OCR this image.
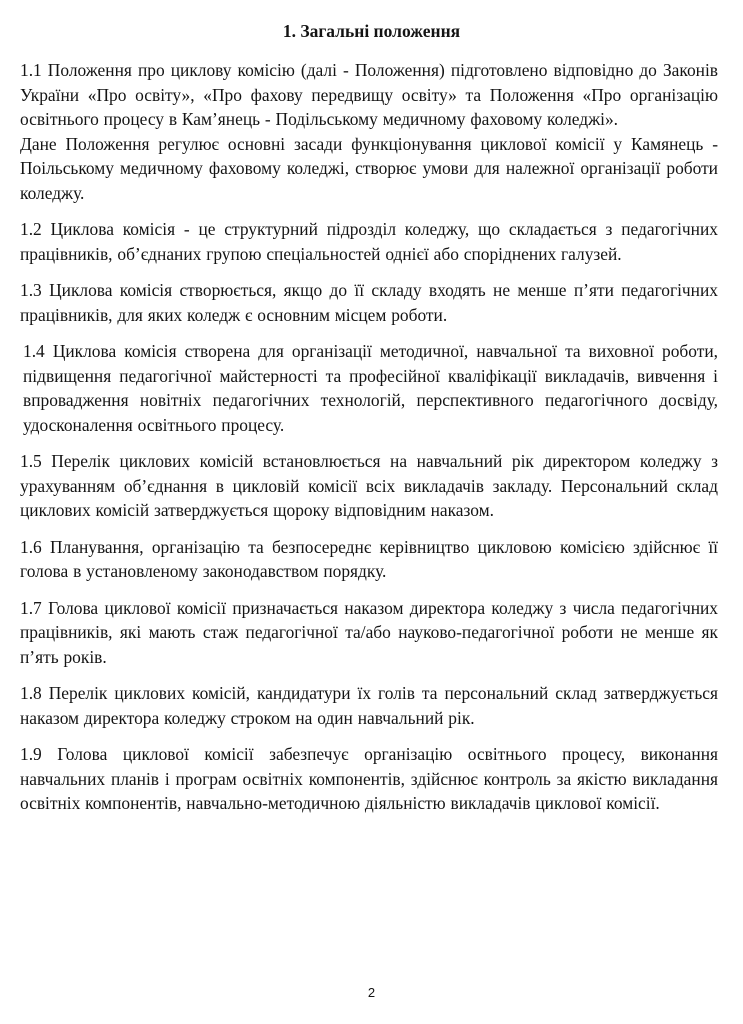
1. Загальні положення

1.1 Положення про циклову комісію (далі - Положення) підготовлено відповідно до Законів України «Про освіту», «Про фахову передвищу освіту» та Положення «Про організацію освітнього процесу в Кам’янець - Подільському медичному фаховому коледжі».

Дане Положення регулює основні засади функціонування циклової комісії у Камянець - Поільському медичному фаховому коледжі, створює умови для належної організації роботи коледжу.

1.2 Циклова комісія - це структурний підрозділ коледжу, що складається з педагогічних працівників, об’єднаних групою спеціальностей однієї або споріднених галузей.

1.3 Циклова комісія створюється, якщо до її складу входять не менше п’яти педагогічних працівників, для яких коледж є основним місцем роботи.

1.4 Циклова комісія створена для організації методичної, навчальної та виховної роботи, підвищення педагогічної майстерності та професійної кваліфікації викладачів, вивчення і впровадження новітніх педагогічних технологій, перспективного педагогічного досвіду, удосконалення освітнього процесу.

1.5 Перелік циклових комісій встановлюється на навчальний рік директором коледжу з урахуванням об’єднання в цикловій комісії всіх викладачів закладу. Персональний склад циклових комісій затверджується щороку відповідним наказом.

1.6 Планування, організацію та безпосереднє керівництво цикловою комісією здійснює її голова в установленому законодавством порядку.

1.7 Голова циклової комісії призначається наказом директора коледжу з числа педагогічних працівників, які мають стаж педагогічної та/або науково-педагогічної роботи не менше як п’ять років.

1.8 Перелік циклових комісій, кандидатури їх голів та персональний склад затверджується наказом директора коледжу строком на один навчальний рік.

1.9 Голова циклової комісії забезпечує організацію освітнього процесу, виконання навчальних планів і програм освітніх компонентів, здійснює контроль за якістю викладання освітніх компонентів, навчально-методичною діяльністю викладачів циклової комісії.

2
